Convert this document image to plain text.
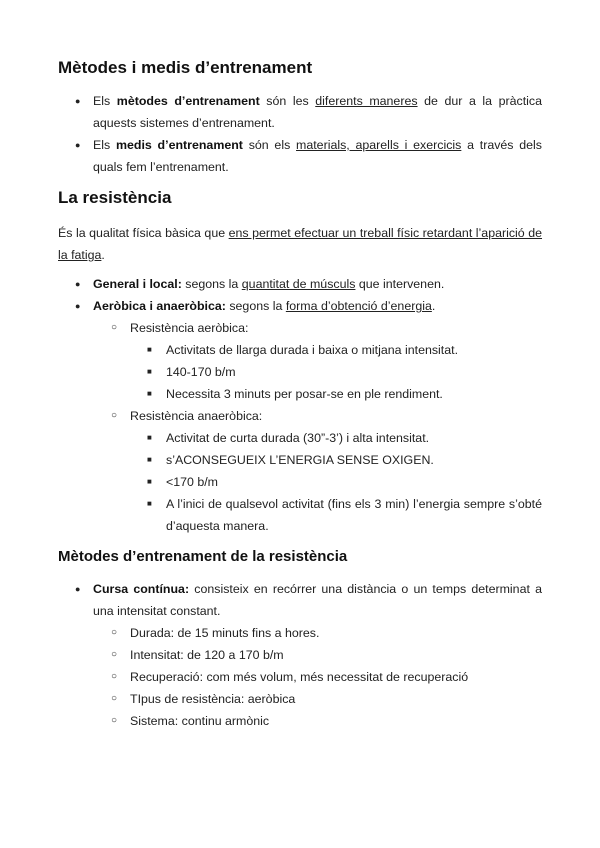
Mètodes i medis d’entrenament
● Els mètodes d’entrenament són les diferents maneres de dur a la pràctica aquests sistemes d’entrenament.
● Els medis d’entrenament són els materials, aparells i exercicis a través dels quals fem l’entrenament.
La resistència

És la qualitat física bàsica que ens permet efectuar un treball físic retardant l’aparició de la fatiga.

● General i local: segons la quantitat de músculs que intervenen.
● Aeròbica i anaeròbica: segons la forma d’obtenció d’energia.
○ Resistència aeròbica:
■ Activitats de llarga durada i baixa o mitjana intensitat.
■ 140-170 b/m
■ Necessita 3 minuts per posar-se en ple rendiment.
○ Resistència anaeròbica:
■ Activitat de curta durada (30”-3’) i alta intensitat.
■ s’ACONSEGUEIX L’ENERGIA SENSE OXIGEN.
■ <170 b/m
■ A l’inici de qualsevol activitat (fins els 3 min) l’energia sempre s’obté d’aquesta manera.
Mètodes d’entrenament de la resistència
● Cursa contínua: consisteix en recórrer una distància o un temps determinat a una intensitat constant.
○ Durada: de 15 minuts fins a hores.
○ Intensitat: de 120 a 170 b/m
○ Recuperació: com més volum, més necessitat de recuperació
○ TIpus de resistència: aeròbica
○ Sistema: continu armònic
